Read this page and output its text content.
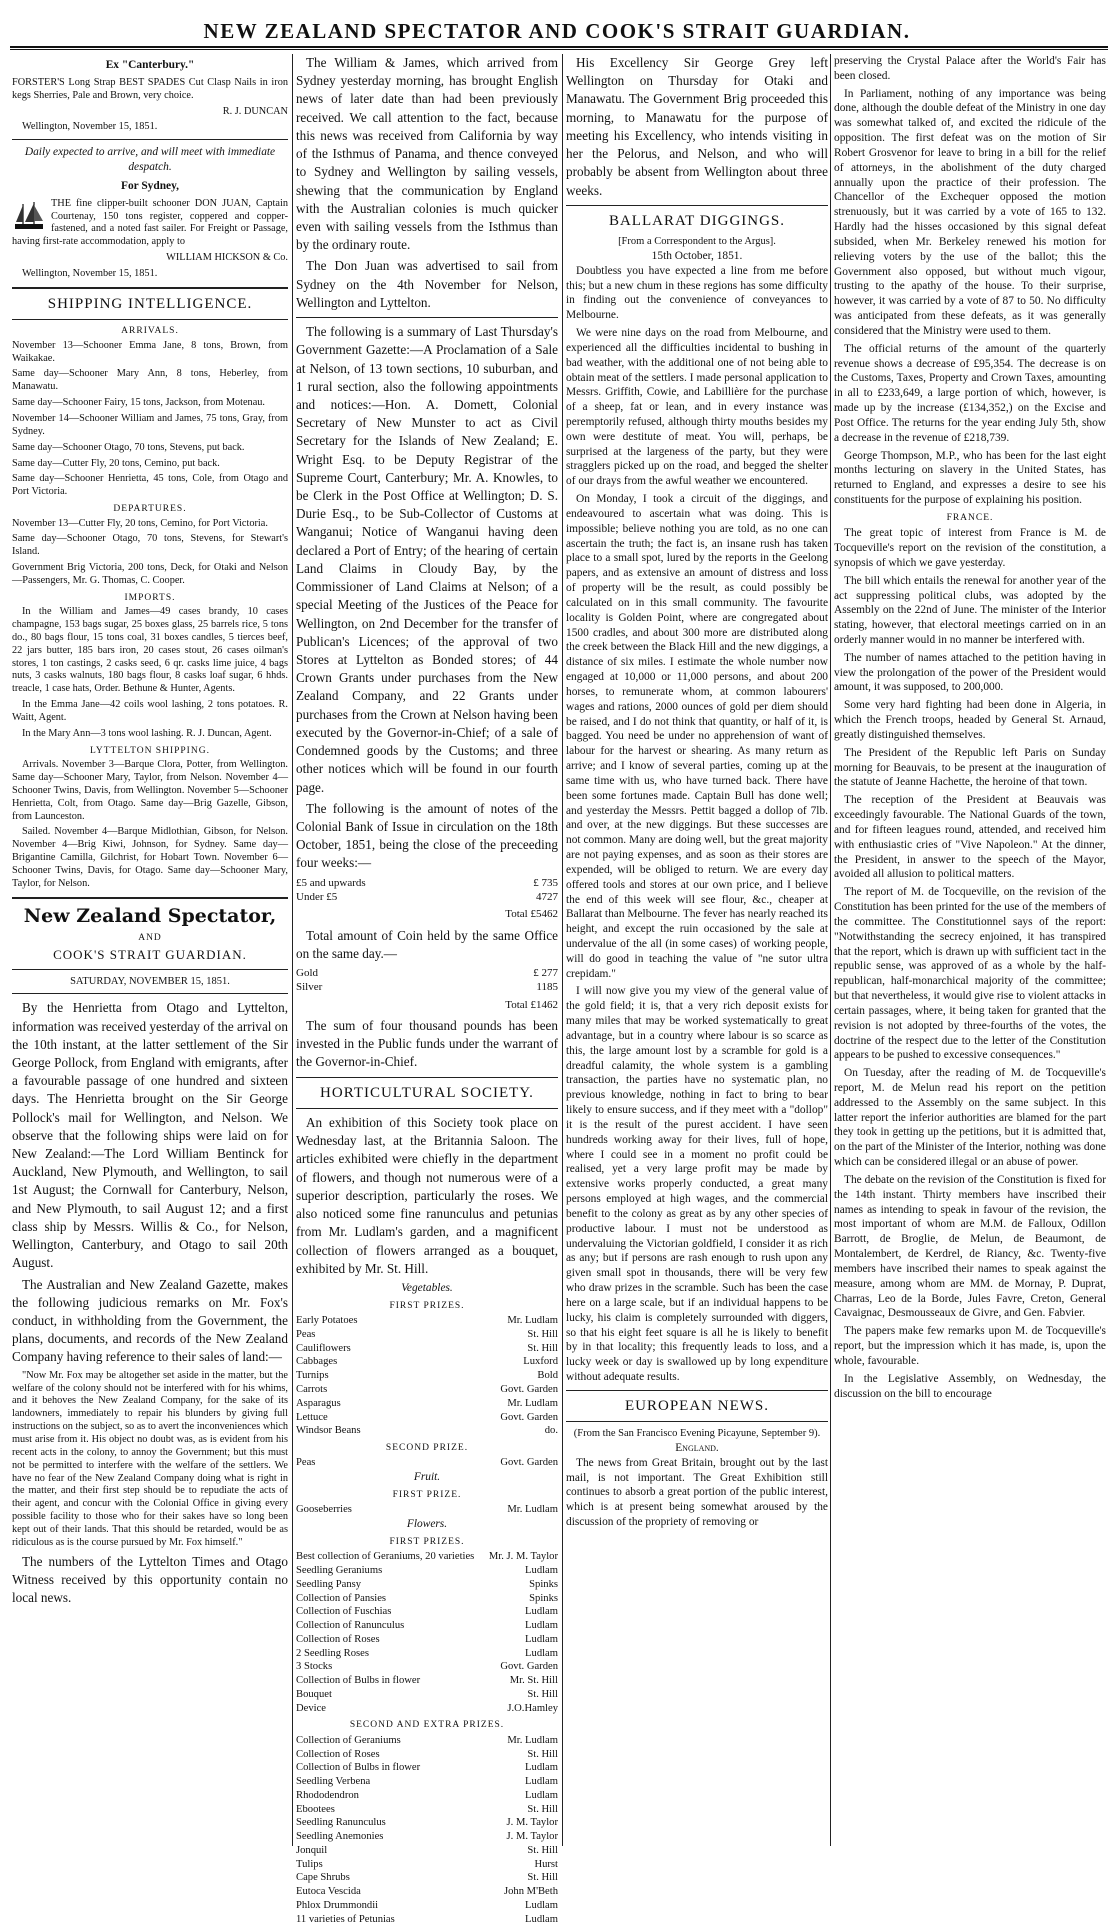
NEW ZEALAND SPECTATOR AND COOK'S STRAIT GUARDIAN.
Ex "Canterbury."

FORSTER'S Long Strap BEST SPADES Cut Clasp Nails in iron kegs Sherries, Pale and Brown, very choice.

R. J. DUNCAN

Wellington, November 15, 1851.

Daily expected to arrive, and will meet with immediate despatch.

For Sydney,

THE fine clipper-built schooner DON JUAN, Captain Courtenay, 150 tons register, coppered and copper-fastened, and a noted fast sailer. For Freight or Passage, having first-rate accommodation, apply to

WILLIAM HICKSON & Co.

Wellington, November 15, 1851.

SHIPPING INTELLIGENCE.
ARRIVALS.

November 13—Schooner Emma Jane, 8 tons, Brown, from Waikakae.

Same day—Schooner Mary Ann, 8 tons, Heberley, from Manawatu.

Same day—Schooner Fairy, 15 tons, Jackson, from Motenau.

November 14—Schooner William and James, 75 tons, Gray, from Sydney.

Same day—Schooner Otago, 70 tons, Stevens, put back.

Same day—Cutter Fly, 20 tons, Cemino, put back.

Same day—Schooner Henrietta, 45 tons, Cole, from Otago and Port Victoria.

DEPARTURES.

November 13—Cutter Fly, 20 tons, Cemino, for Port Victoria.

Same day—Schooner Otago, 70 tons, Stevens, for Stewart's Island.

Government Brig Victoria, 200 tons, Deck, for Otaki and Nelson—Passengers, Mr. G. Thomas, C. Cooper.

IMPORTS.

In the William and James—49 cases brandy, 10 cases champagne, 153 bags sugar, 25 boxes glass, 25 barrels rice, 5 tons do., 80 bags flour, 15 tons coal, 31 boxes candles, 5 tierces beef, 22 jars butter, 185 bars iron, 20 cases stout, 26 cases oilman's stores, 1 ton castings, 2 casks seed, 6 qr. casks lime juice, 4 bags nuts, 3 casks walnuts, 180 bags flour, 8 casks loaf sugar, 6 hhds. treacle, 1 case hats, Order. Bethune & Hunter, Agents.

In the Emma Jane—42 coils wool lashing, 2 tons potatoes. R. Waitt, Agent.

In the Mary Ann—3 tons wool lashing. R. J. Duncan, Agent.

LYTTELTON SHIPPING.

Arrivals. November 3—Barque Clora, Potter, from Wellington. Same day—Schooner Mary, Taylor, from Nelson. November 4—Schooner Twins, Davis, from Wellington. November 5—Schooner Henrietta, Colt, from Otago. Same day—Brig Gazelle, Gibson, from Launceston.

Sailed. November 4—Barque Midlothian, Gibson, for Nelson. November 4—Brig Kiwi, Johnson, for Sydney. Same day—Brigantine Camilla, Gilchrist, for Hobart Town. November 6—Schooner Twins, Davis, for Otago. Same day—Schooner Mary, Taylor, for Nelson.

New Zealand Spectator,
AND
COOK'S STRAIT GUARDIAN.
SATURDAY, NOVEMBER 15, 1851.

By the Henrietta from Otago and Lyttelton, information was received yesterday of the arrival on the 10th instant, at the latter settlement of the Sir George Pollock, from England with emigrants, after a favourable passage of one hundred and sixteen days. The Henrietta brought on the Sir George Pollock's mail for Wellington, and Nelson. We observe that the following ships were laid on for New Zealand:—The Lord William Bentinck for Auckland, New Plymouth, and Wellington, to sail 1st August; the Cornwall for Canterbury, Nelson, and New Plymouth, to sail August 12; and a first class ship by Messrs. Willis & Co., for Nelson, Wellington, Canterbury, and Otago to sail 20th August.

The Australian and New Zealand Gazette, makes the following judicious remarks on Mr. Fox's conduct, in withholding from the Government, the plans, documents, and records of the New Zealand Company having reference to their sales of land:—

"Now Mr. Fox may be altogether set aside in the matter, but the welfare of the colony should not be interfered with for his whims, and it behoves the New Zealand Company, for the sake of its landowners, immediately to repair his blunders by giving full instructions on the subject, so as to avert the inconveniences which must arise from it. His object no doubt was, as is evident from his recent acts in the colony, to annoy the Government; but this must not be permitted to interfere with the welfare of the settlers. We have no fear of the New Zealand Company doing what is right in the matter, and their first step should be to repudiate the acts of their agent, and concur with the Colonial Office in giving every possible facility to those who for their sakes have so long been kept out of their lands. That this should be retarded, would be as ridiculous as is the course pursued by Mr. Fox himself."

The numbers of the Lyttelton Times and Otago Witness received by this opportunity contain no local news.

The William & James, which arrived from Sydney yesterday morning, has brought English news of later date than had been previously received. We call attention to the fact, because this news was received from California by way of the Isthmus of Panama, and thence conveyed to Sydney and Wellington by sailing vessels, shewing that the communication by England with the Australian colonies is much quicker even with sailing vessels from the Isthmus than by the ordinary route.

The Don Juan was advertised to sail from Sydney on the 4th November for Nelson, Wellington and Lyttelton.

The following is a summary of Last Thursday's Government Gazette:—A Proclamation of a Sale at Nelson, of 13 town sections, 10 suburban, and 1 rural section, also the following appointments and notices:—Hon. A. Domett, Colonial Secretary of New Munster to act as Civil Secretary for the Islands of New Zealand; E. Wright Esq. to be Deputy Registrar of the Supreme Court, Canterbury; Mr. A. Knowles, to be Clerk in the Post Office at Wellington; D. S. Durie Esq., to be Sub-Collector of Customs at Wanganui; Notice of Wanganui having deen declared a Port of Entry; of the hearing of certain Land Claims in Cloudy Bay, by the Commissioner of Land Claims at Nelson; of a special Meeting of the Justices of the Peace for Wellington, on 2nd December for the transfer of Publican's Licences; of the approval of two Stores at Lyttelton as Bonded stores; of 44 Crown Grants under purchases from the New Zealand Company, and 22 Grants under purchases from the Crown at Nelson having been executed by the Governor-in-Chief; of a sale of Condemned goods by the Customs; and three other notices which will be found in our fourth page.

The following is the amount of notes of the Colonial Bank of Issue in circulation on the 18th October, 1851, being the close of the preceeding four weeks:—

£5 and upwards	£ 735
Under £5	4727
Total £5462

Total amount of Coin held by the same Office on the same day.—

Gold	£ 277
Silver	1185
Total £1462

The sum of four thousand pounds has been invested in the Public funds under the warrant of the Governor-in-Chief.

HORTICULTURAL SOCIETY.

An exhibition of this Society took place on Wednesday last, at the Britannia Saloon. The articles exhibited were chiefly in the department of flowers, and though not numerous were of a superior description, particularly the roses. We also noticed some fine ranunculus and petunias from Mr. Ludlam's garden, and a magnificent collection of flowers arranged as a bouquet, exhibited by Mr. St. Hill.

Vegetables.
FIRST PRIZES.
Early Potatoes	Mr. Ludlam
Peas	St. Hill
Cauliflowers	St. Hill
Cabbages	Luxford
Turnips	Bold
Carrots	Govt. Garden
Asparagus	Mr. Ludlam
Lettuce	Govt. Garden
Windsor Beans	do.
SECOND PRIZE.
Peas	Govt. Garden
Fruit.
FIRST PRIZE.
Gooseberries	Mr. Ludlam
Flowers.
FIRST PRIZES.
Best collection of Geraniums, 20 varieties	Mr. J. M. Taylor
Seedling Geraniums	Ludlam
Seedling Pansy	Spinks
Collection of Pansies	Spinks
Collection of Fuschias	Ludlam
Collection of Ranunculus	Ludlam
Collection of Roses	Ludlam
2 Seedling Roses	Ludlam
3 Stocks	Govt. Garden
Collection of Bulbs in flower	Mr. St. Hill
Bouquet	St. Hill
Device	J.O.Hamley
SECOND AND EXTRA PRIZES.
Collection of Geraniums	Mr. Ludlam
Collection of Roses	St. Hill
Collection of Bulbs in flower	Ludlam
Seedling Verbena	Ludlam
Rhododendron	Ludlam
Ebootees	St. Hill
Seedling Ranunculus	J. M. Taylor
Seedling Anemonies	J. M. Taylor
Jonquil	St. Hill
Tulips	Hurst
Cape Shrubs	St. Hill
Eutoca Vescida	John M'Beth
Phlox Drummondii	Ludlam
11 varieties of Petunias	Ludlam

His Excellency Sir George Grey left Wellington on Thursday for Otaki and Manawatu. The Government Brig proceeded this morning, to Manawatu for the purpose of meeting his Excellency, who intends visiting in her the Pelorus, and Nelson, and who will probably be absent from Wellington about three weeks.

BALLARAT DIGGINGS.
[From a Correspondent to the Argus].
15th October, 1851.

Doubtless you have expected a line from me before this; but a new chum in these regions has some difficulty in finding out the convenience of conveyances to Melbourne.

We were nine days on the road from Melbourne, and experienced all the difficulties incidental to bushing in bad weather, with the additional one of not being able to obtain meat of the settlers. I made personal application to Messrs. Griffith, Cowie, and Labillière for the purchase of a sheep, fat or lean, and in every instance was peremptorily refused, although thirty mouths besides my own were destitute of meat. You will, perhaps, be surprised at the largeness of the party, but they were stragglers picked up on the road, and begged the shelter of our drays from the awful weather we encountered.

On Monday, I took a circuit of the diggings, and endeavoured to ascertain what was doing. This is impossible; believe nothing you are told, as no one can ascertain the truth; the fact is, an insane rush has taken place to a small spot, lured by the reports in the Geelong papers, and as extensive an amount of distress and loss of property will be the result, as could possibly be calculated on in this small community. The favourite locality is Golden Point, where are congregated about 1500 cradles, and about 300 more are distributed along the creek between the Black Hill and the new diggings, a distance of six miles. I estimate the whole number now engaged at 10,000 or 11,000 persons, and about 200 horses, to remunerate whom, at common labourers' wages and rations, 2000 ounces of gold per diem should be raised, and I do not think that quantity, or half of it, is bagged. You need be under no apprehension of want of labour for the harvest or shearing. As many return as arrive; and I know of several parties, coming up at the same time with us, who have turned back. There have been some fortunes made. Captain Bull has done well; and yesterday the Messrs. Pettit bagged a dollop of 7lb. and over, at the new diggings. But these successes are not common. Many are doing well, but the great majority are not paying expenses, and as soon as their stores are expended, will be obliged to return. We are every day offered tools and stores at our own price, and I believe the end of this week will see flour, &c., cheaper at Ballarat than Melbourne. The fever has nearly reached its height, and except the ruin occasioned by the sale at undervalue of the all (in some cases) of working people, will do good in teaching the value of "ne sutor ultra crepidam."

I will now give you my view of the general value of the gold field; it is, that a very rich deposit exists for many miles that may be worked systematically to great advantage, but in a country where labour is so scarce as this, the large amount lost by a scramble for gold is a dreadful calamity, the whole system is a gambling transaction, the parties have no systematic plan, no previous knowledge, nothing in fact to bring to bear likely to ensure success, and if they meet with a "dollop" it is the result of the purest accident. I have seen hundreds working away for their lives, full of hope, where I could see in a moment no profit could be realised, yet a very large profit may be made by extensive works properly conducted, a great many persons employed at high wages, and the commercial benefit to the colony as great as by any other species of productive labour. I must not be understood as undervaluing the Victorian goldfield, I consider it as rich as any; but if persons are rash enough to rush upon any given small spot in thousands, there will be very few who draw prizes in the scramble. Such has been the case here on a large scale, but if an individual happens to be lucky, his claim is completely surrounded with diggers, so that his eight feet square is all he is likely to benefit by in that locality; this frequently leads to loss, and a lucky week or day is swallowed up by long expenditure without adequate results.

EUROPEAN NEWS.
(From the San Francisco Evening Picayune, September 9).
England.

The news from Great Britain, brought out by the last mail, is not important. The Great Exhibition still continues to absorb a great portion of the public interest, which is at present being somewhat aroused by the discussion of the propriety of removing or

preserving the Crystal Palace after the World's Fair has been closed.

In Parliament, nothing of any importance was being done, although the double defeat of the Ministry in one day was somewhat talked of, and excited the ridicule of the opposition. The first defeat was on the motion of Sir Robert Grosvenor for leave to bring in a bill for the relief of attorneys, in the abolishment of the duty charged annually upon the practice of their profession. The Chancellor of the Exchequer opposed the motion strenuously, but it was carried by a vote of 165 to 132. Hardly had the hisses occasioned by this signal defeat subsided, when Mr. Berkeley renewed his motion for relieving voters by the use of the ballot; this the Government also opposed, but without much vigour, trusting to the apathy of the house. To their surprise, however, it was carried by a vote of 87 to 50. No difficulty was anticipated from these defeats, as it was generally considered that the Ministry were used to them.

The official returns of the amount of the quarterly revenue shows a decrease of £95,354. The decrease is on the Customs, Taxes, Property and Crown Taxes, amounting in all to £233,649, a large portion of which, however, is made up by the increase (£134,352,) on the Excise and Post Office. The returns for the year ending July 5th, show a decrease in the revenue of £218,739.

George Thompson, M.P., who has been for the last eight months lecturing on slavery in the United States, has returned to England, and expresses a desire to see his constituents for the purpose of explaining his position.

FRANCE.

The great topic of interest from France is M. de Tocqueville's report on the revision of the constitution, a synopsis of which we gave yesterday.

The bill which entails the renewal for another year of the act suppressing political clubs, was adopted by the Assembly on the 22nd of June. The minister of the Interior stating, however, that electoral meetings carried on in an orderly manner would in no manner be interfered with.

The number of names attached to the petition having in view the prolongation of the power of the President would amount, it was supposed, to 200,000.

Some very hard fighting had been done in Algeria, in which the French troops, headed by General St. Arnaud, greatly distinguished themselves.

The President of the Republic left Paris on Sunday morning for Beauvais, to be present at the inauguration of the statute of Jeanne Hachette, the heroine of that town.

The reception of the President at Beauvais was exceedingly favourable. The National Guards of the town, and for fifteen leagues round, attended, and received him with enthusiastic cries of "Vive Napoleon." At the dinner, the President, in answer to the speech of the Mayor, avoided all allusion to political matters.

The report of M. de Tocqueville, on the revision of the Constitution has been printed for the use of the members of the committee. The Constitutionnel says of the report: "Notwithstanding the secrecy enjoined, it has transpired that the report, which is drawn up with sufficient tact in the republic sense, was approved of as a whole by the half-republican, half-monarchical majority of the committee; but that nevertheless, it would give rise to violent attacks in certain passages, where, it being taken for granted that the revision is not adopted by three-fourths of the votes, the doctrine of the respect due to the letter of the Constitution appears to be pushed to excessive consequences."

On Tuesday, after the reading of M. de Tocqueville's report, M. de Melun read his report on the petition addressed to the Assembly on the same subject. In this latter report the inferior authorities are blamed for the part they took in getting up the petitions, but it is admitted that, on the part of the Minister of the Interior, nothing was done which can be considered illegal or an abuse of power.

The debate on the revision of the Constitution is fixed for the 14th instant. Thirty members have inscribed their names as intending to speak in favour of the revision, the most important of whom are M.M. de Falloux, Odillon Barrott, de Broglie, de Melun, de Beaumont, de Montalembert, de Kerdrel, de Riancy, &c. Twenty-five members have inscribed their names to speak against the measure, among whom are MM. de Mornay, P. Duprat, Charras, Leo de la Borde, Jules Favre, Creton, General Cavaignac, Desmousseaux de Givre, and Gen. Fabvier.

The papers make few remarks upon M. de Tocqueville's report, but the impression which it has made, is, upon the whole, favourable.

In the Legislative Assembly, on Wednesday, the discussion on the bill to encourage
